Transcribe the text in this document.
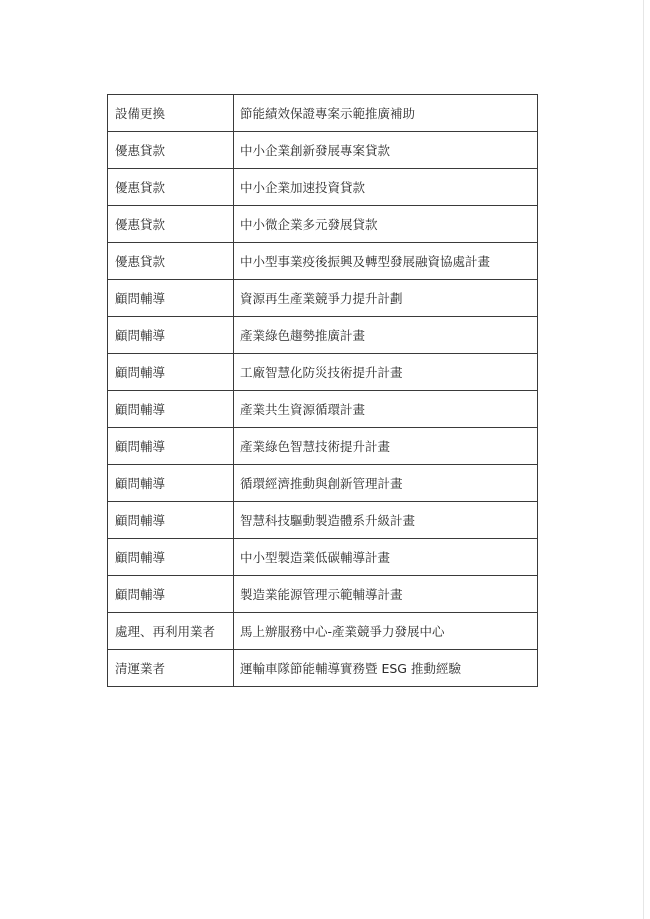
設備更換	節能績效保證專案示範推廣補助
優惠貸款	中小企業創新發展專案貸款
優惠貸款	中小企業加速投資貸款
優惠貸款	中小微企業多元發展貸款
優惠貸款	中小型事業疫後振興及轉型發展融資協處計畫
顧問輔導	資源再生產業競爭力提升計劃
顧問輔導	產業綠色趨勢推廣計畫
顧問輔導	工廠智慧化防災技術提升計畫
顧問輔導	產業共生資源循環計畫
顧問輔導	產業綠色智慧技術提升計畫
顧問輔導	循環經濟推動與創新管理計畫
顧問輔導	智慧科技驅動製造體系升級計畫
顧問輔導	中小型製造業低碳輔導計畫
顧問輔導	製造業能源管理示範輔導計畫
處理、再利用業者	馬上辦服務中心-產業競爭力發展中心
清運業者	運輸車隊節能輔導實務暨 ESG 推動經驗
